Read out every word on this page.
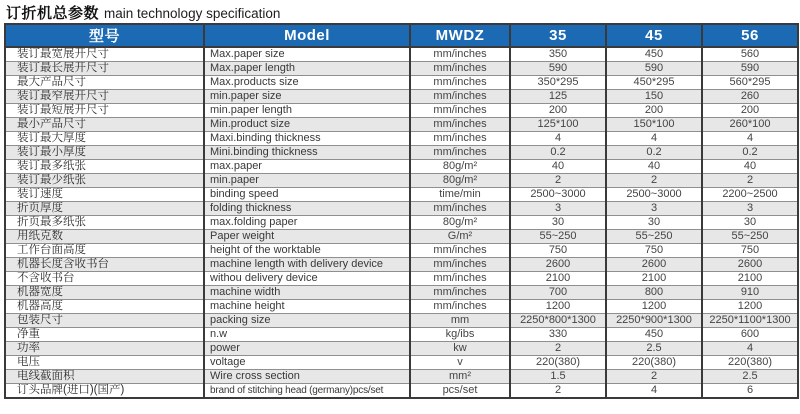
订折机总参数 main technology specification
型号	Model	MWDZ	35	45	56
装订最宽展开尺寸	Max.paper size	mm/inches	350	450	560
装订最长展开尺寸	Max.paper length	mm/inches	590	590	590
最大产品尺寸	Max.products size	mm/inches	350*295	450*295	560*295
装订最窄展开尺寸	min.paper size	mm/inches	125	150	260
装订最短展开尺寸	min.paper length	mm/inches	200	200	200
最小产品尺寸	Min.product size	mm/inches	125*100	150*100	260*100
装订最大厚度	Maxi.binding thickness	mm/inches	4	4	4
装订最小厚度	Mini.binding thickness	mm/inches	0.2	0.2	0.2
装订最多纸张	max.paper	80g/m²	40	40	40
装订最少纸张	min.paper	80g/m²	2	2	2
装订速度	binding speed	time/min	2500~3000	2500~3000	2200~2500
折页厚度	folding thickness	mm/inches	3	3	3
折页最多纸张	max.folding paper	80g/m²	30	30	30
用纸克数	Paper weight	G/m²	55~250	55~250	55~250
工作台面高度	height of the worktable	mm/inches	750	750	750
机器长度含收书台	machine length with delivery device	mm/inches	2600	2600	2600
不含收书台	withou delivery device	mm/inches	2100	2100	2100
机器宽度	machine width	mm/inches	700	800	910
机器高度	machine height	mm/inches	1200	1200	1200
包装尺寸	packing size	mm	2250*800*1300	2250*900*1300	2250*1100*1300
净重	n.w	kg/ibs	330	450	600
功率	power	kw	2	2.5	4
电压	voltage	v	220(380)	220(380)	220(380)
电线截面积	Wire cross section	mm²	1.5	2	2.5
订头品牌(进口)(国产)	brand of stitching head (germany)pcs/set	pcs/set	2	4	6
